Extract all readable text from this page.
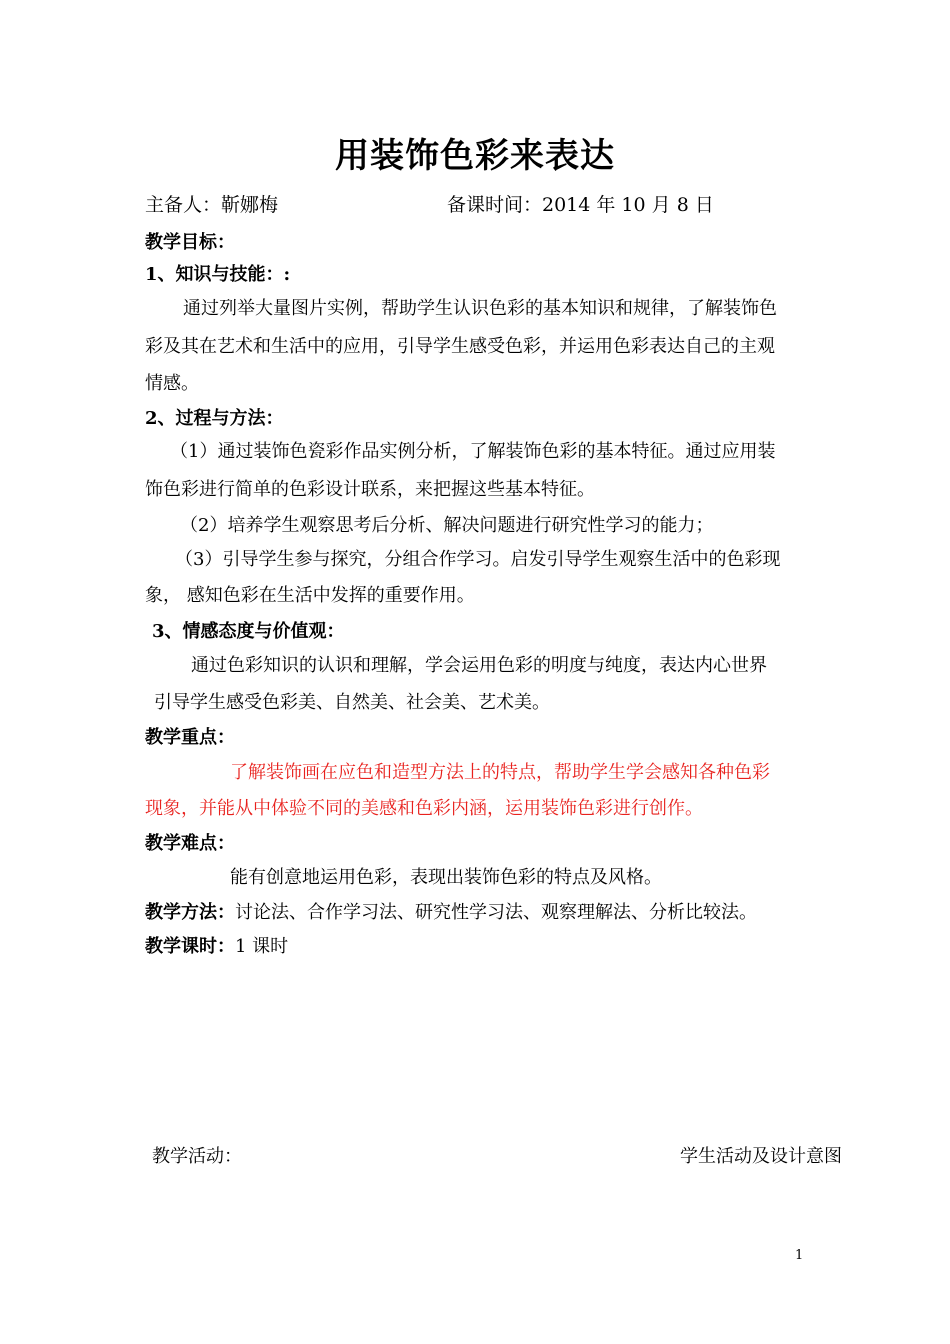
用装饰色彩来表达
主备人：靳娜梅	备课时间：2014 年 10 月 8 日
教学目标：
1、知识与技能：:
通过列举大量图片实例，帮助学生认识色彩的基本知识和规律，了解装饰色
彩及其在艺术和生活中的应用，引导学生感受色彩，并运用色彩表达自己的主观
情感。
2、过程与方法：
（1）通过装饰色瓷彩作品实例分析，了解装饰色彩的基本特征。通过应用装
饰色彩进行简单的色彩设计联系，来把握这些基本特征。
（2）培养学生观察思考后分析、解决问题进行研究性学习的能力；
（3）引导学生参与探究，分组合作学习。启发引导学生观察生活中的色彩现
象， 感知色彩在生活中发挥的重要作用。
3、情感态度与价值观：
通过色彩知识的认识和理解，学会运用色彩的明度与纯度，表达内心世界
引导学生感受色彩美、自然美、社会美、艺术美。
教学重点：
了解装饰画在应色和造型方法上的特点，帮助学生学会感知各种色彩
现象，并能从中体验不同的美感和色彩内涵，运用装饰色彩进行创作。
教学难点：
能有创意地运用色彩，表现出装饰色彩的特点及风格。
教学方法：讨论法、合作学习法、研究性学习法、观察理解法、分析比较法。
教学课时：1 课时
教学活动：	学生活动及设计意图
1
